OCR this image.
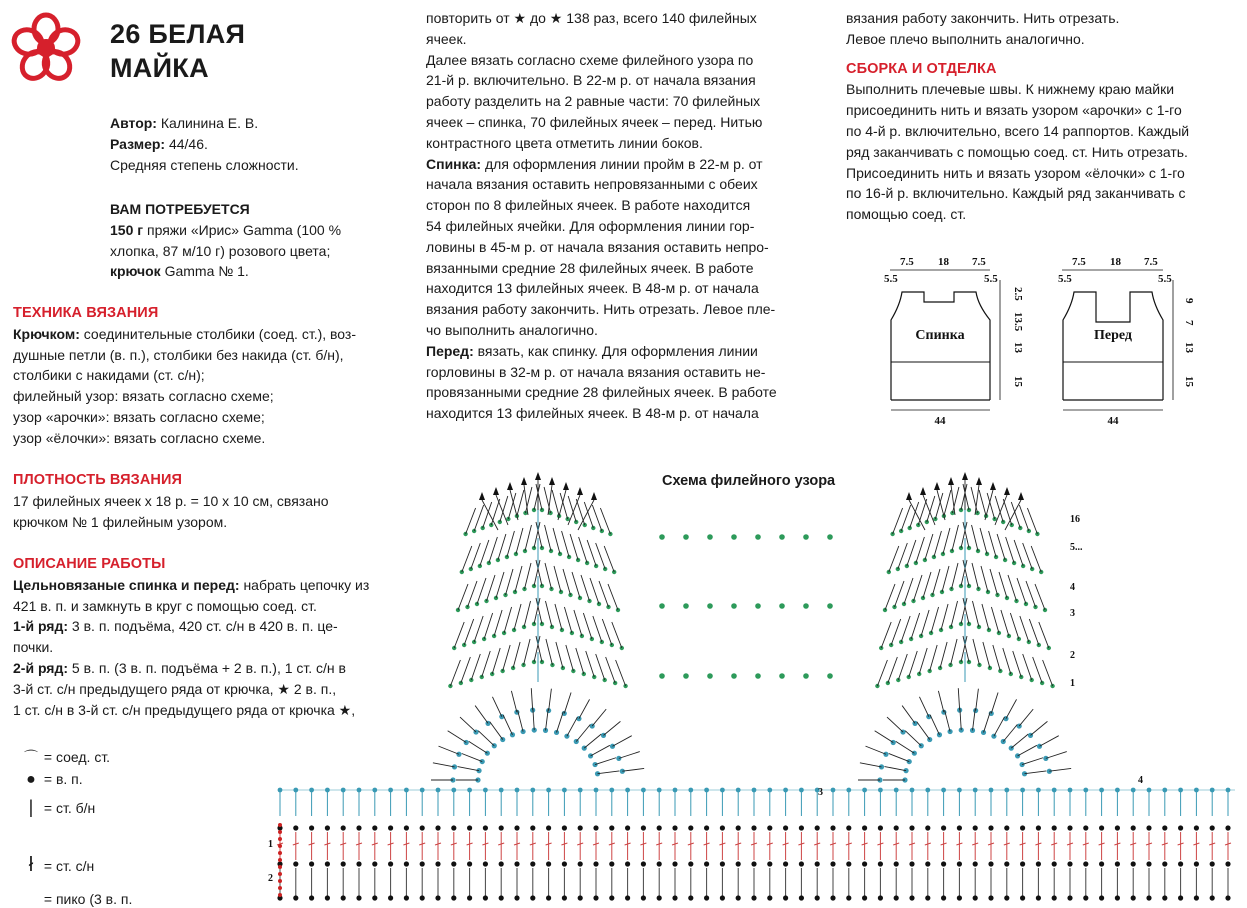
26 БЕЛАЯ
МАЙКА

Автор: Калинина Е. В.

Размер: 44/46.

Средняя степень сложности.

ВАМ ПОТРЕБУЕТСЯ

150 г пряжи «Ирис» Gamma (100 %

хлопка, 87 м/10 г) розового цвета;

крючок Gamma № 1.

ТЕХНИКА ВЯЗАНИЯ

Крючком: соединительные столбики (соед. ст.), воз-

душные петли (в. п.), столбики без накида (ст. б/н),

столбики с накидами (ст. с/н);

филейный узор: вязать согласно схеме;

узор «арочки»: вязать согласно схеме;

узор «ёлочки»: вязать согласно схеме.

ПЛОТНОСТЬ ВЯЗАНИЯ

17 филейных ячеек х 18 р. = 10 х 10 см, связано

крючком № 1 филейным узором.

ОПИСАНИЕ РАБОТЫ

Цельновязаные спинка и перед: набрать цепочку из

421 в. п. и замкнуть в круг с помощью соед. ст.

1-й ряд: 3 в. п. подъёма, 420 ст. с/н в 420 в. п. це-

почки.

2-й ряд: 5 в. п. (3 в. п. подъёма + 2 в. п.), 1 ст. с/н в

3-й ст. с/н предыдущего ряда от крючка, ★ 2 в. п.,

1 ст. с/н в 3-й ст. с/н предыдущего ряда от крючка ★,

повторить от ★ до ★ 138 раз, всего 140 филейных

ячеек.

Далее вязать согласно схеме филейного узора по

21-й р. включительно. В 22-м р. от начала вязания

работу разделить на 2 равные части: 70 филейных

ячеек – спинка, 70 филейных ячеек – перед. Нитью

контрастного цвета отметить линии боков.

Спинка: для оформления линии пройм в 22-м р. от

начала вязания оставить непровязанными с обеих

сторон по 8 филейных ячеек. В работе находится

54 филейных ячейки. Для оформления линии гор-

ловины в 45-м р. от начала вязания оставить непро-

вязанными средние 28 филейных ячеек. В работе

находится 13 филейных ячеек. В 48-м р. от начала

вязания работу закончить. Нить отрезать. Левое пле-

чо выполнить аналогично.

Перед: вязать, как спинку. Для оформления линии

горловины в 32-м р. от начала вязания оставить не-

провязанными средние 28 филейных ячеек. В работе

находится 13 филейных ячеек. В 48-м р. от начала

вязания работу закончить. Нить отрезать.

Левое плечо выполнить аналогично.

СБОРКА И ОТДЕЛКА

Выполнить плечевые швы. К нижнему краю майки

присоединить нить и вязать узором «арочки» с 1-го

по 4-й р. включительно, всего 14 раппортов. Каждый

ряд заканчивать с помощью соед. ст. Нить отрезать.

Присоединить нить и вязать узором «ёлочки» с 1-го

по 16-й р. включительно. Каждый ряд заканчивать с

помощью соед. ст.

7.5 18 7.5
5.5	5.5
44
Спинка
2.5
13.5
13
15
7.5 18 7.5
5.5	5.5
44
Перед
9
7
13
15
Схема филейного узора
16
5...
4
3
2
1
3
4
1
2
⌒ = соед. ст.
● = в. п.
| = ст. б/н
ł = ст. с/н
= пико (3 в. п.
